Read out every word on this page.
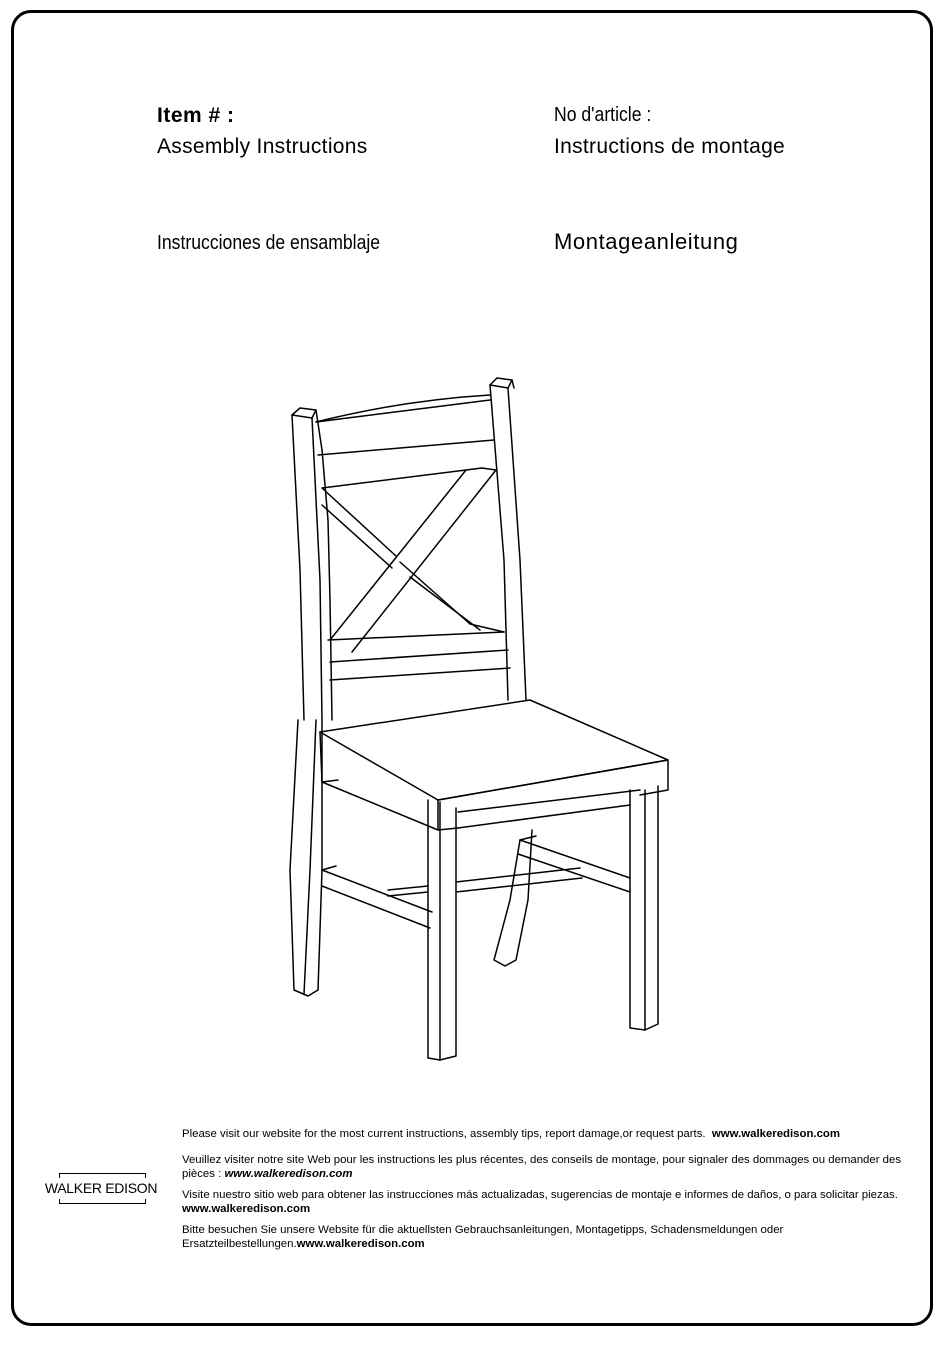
Item # :
Assembly Instructions
No d'article :
Instructions de montage
Instrucciones de ensamblaje	Montageanleitung
WALKER EDISON

Please visit our website for the most current instructions, assembly tips, report damage,or request parts. www.walkeredison.com

Veuillez visiter notre site Web pour les instructions les plus récentes, des conseils de montage, pour signaler des dommages ou demander des pièces : www.walkeredison.com

Visite nuestro sitio web para obtener las instrucciones más actualizadas, sugerencias de montaje e informes de daños, o para solicitar piezas. www.walkeredison.com

Bitte besuchen Sie unsere Website für die aktuellsten Gebrauchsanleitungen, Montagetipps, Schadensmeldungen oder Ersatzteilbestellungen.www.walkeredison.com
